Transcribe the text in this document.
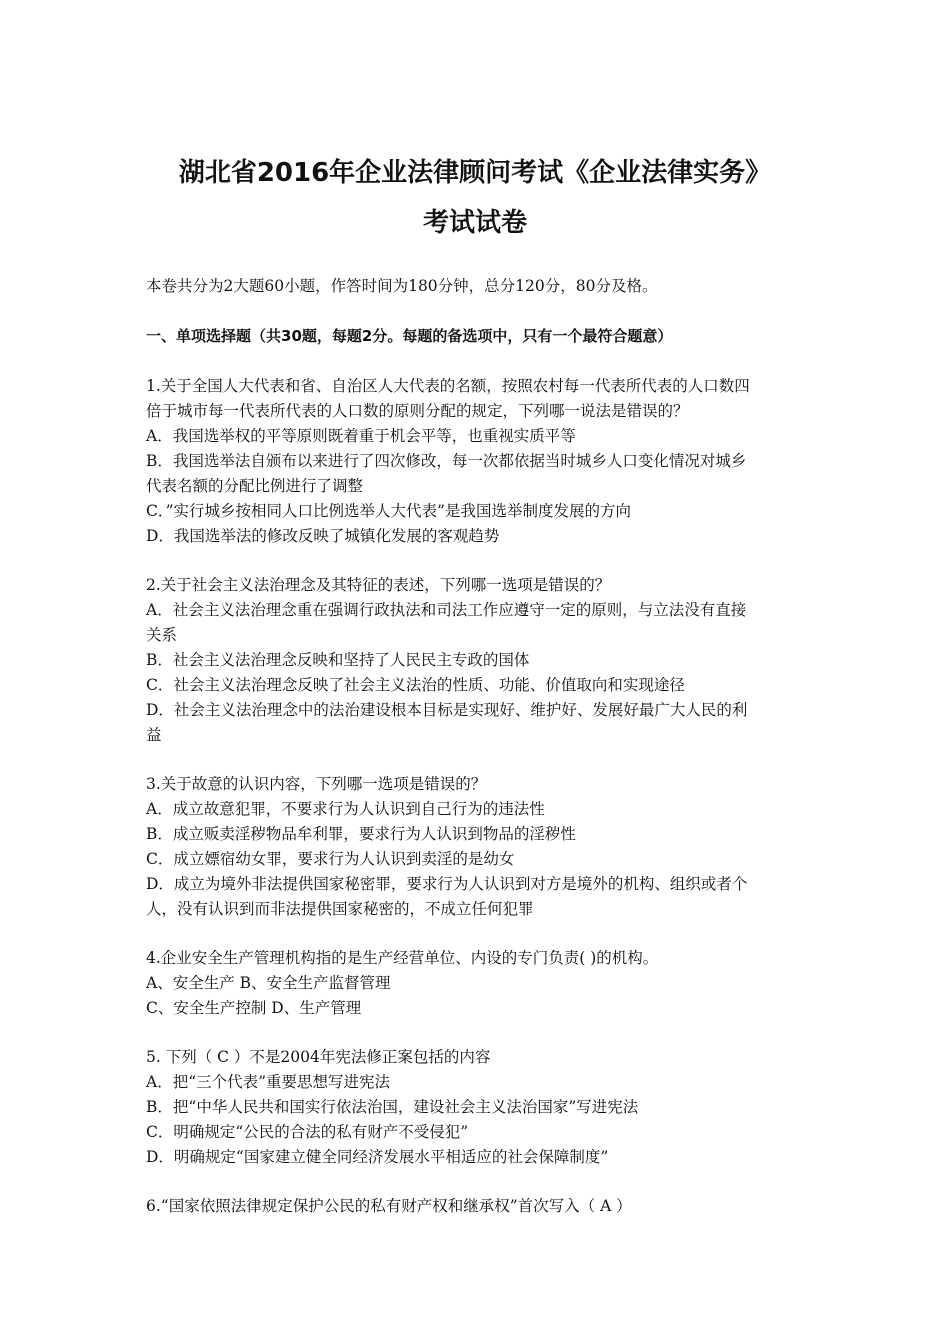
湖北省2016年企业法律顾问考试《企业法律实务》
考试试卷
本卷共分为2大题60小题，作答时间为180分钟，总分120分，80分及格。
一、单项选择题（共30题，每题2分。每题的备选项中，只有一个最符合题意）
1.关于全国人大代表和省、自治区人大代表的名额，按照农村每一代表所代表的人口数四
倍于城市每一代表所代表的人口数的原则分配的规定，下列哪一说法是错误的？
A．我国选举权的平等原则既着重于机会平等，也重视实质平等
B．我国选举法自颁布以来进行了四次修改，每一次都依据当时城乡人口变化情况对城乡
代表名额的分配比例进行了调整
C．”实行城乡按相同人口比例选举人大代表”是我国选举制度发展的方向
D．我国选举法的修改反映了城镇化发展的客观趋势
2.关于社会主义法治理念及其特征的表述，下列哪一选项是错误的？
A．社会主义法治理念重在强调行政执法和司法工作应遵守一定的原则，与立法没有直接
关系
B．社会主义法治理念反映和坚持了人民民主专政的国体
C．社会主义法治理念反映了社会主义法治的性质、功能、价值取向和实现途径
D．社会主义法治理念中的法治建设根本目标是实现好、维护好、发展好最广大人民的利
益
3.关于故意的认识内容，下列哪一选项是错误的？
A．成立故意犯罪，不要求行为人认识到自己行为的违法性
B．成立贩卖淫秽物品牟利罪，要求行为人认识到物品的淫秽性
C．成立嫖宿幼女罪，要求行为人认识到卖淫的是幼女
D．成立为境外非法提供国家秘密罪，要求行为人认识到对方是境外的机构、组织或者个
人，没有认识到而非法提供国家秘密的，不成立任何犯罪
4.企业安全生产管理机构指的是生产经营单位、内设的专门负责( )的机构。
A、安全生产 B、安全生产监督管理
C、安全生产控制 D、生产管理
5. 下列（ C ）不是2004年宪法修正案包括的内容
A．把“三个代表”重要思想写进宪法
B．把“中华人民共和国实行依法治国，建设社会主义法治国家”写进宪法
C．明确规定“公民的合法的私有财产不受侵犯”
D．明确规定“国家建立健全同经济发展水平相适应的社会保障制度”
6.“国家依照法律规定保护公民的私有财产权和继承权”首次写入（ A ）
